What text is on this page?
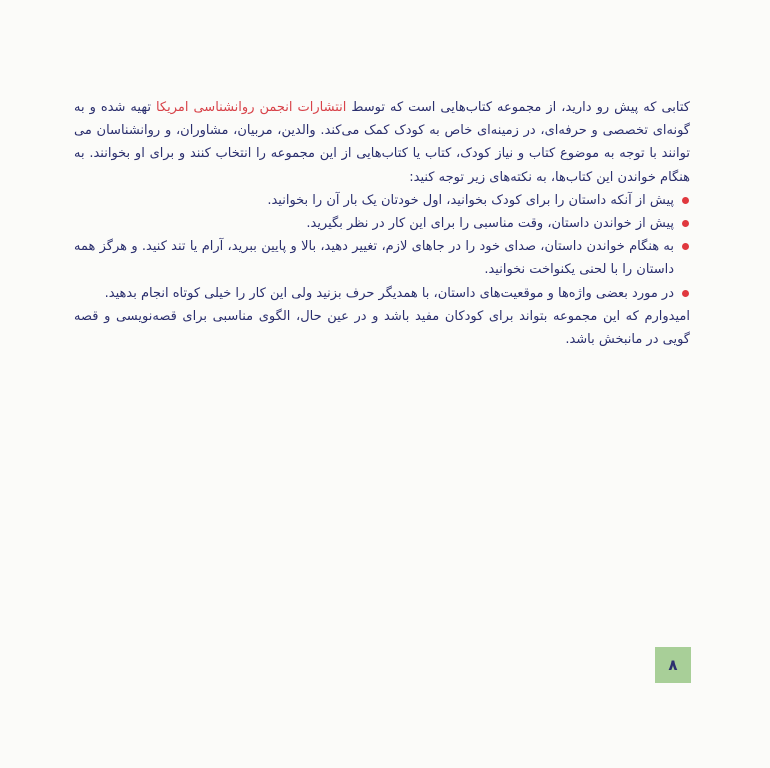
کتابی که پیش رو دارید، از مجموعه کتاب‌هایی است که توسط انتشارات انجمن روانشناسی امریکا تهیه شده و به گونه‌ای تخصصی و حرفه‌ای، در زمینه‌ای خاص به کودک کمک می‌کند. والدین، مربیان، مشاوران، و روانشناسان می توانند با توجه به موضوع کتاب و نیاز کودک، کتاب یا کتاب‌هایی از این مجموعه را انتخاب کنند و برای او بخوانند. به هنگام خواندن این کتاب‌ها، به نکته‌های زیر توجه کنید:

پیش از آنکه داستان را برای کودک بخوانید، اول خودتان یک بار آن را بخوانید.
پیش از خواندن داستان، وقت مناسبی را برای این کار در نظر بگیرید.
به هنگام خواندن داستان، صدای خود را در جاهای لازم، تغییر دهید، بالا و پایین ببرید، آرام یا تند کنید. و هرگز همه داستان را با لحنی یکنواخت نخوانید.
در مورد بعضی واژه‌ها و موقعیت‌های داستان، با همدیگر حرف بزنید ولی این کار را خیلی کوتاه انجام بدهید.

امیدوارم که این مجموعه بتواند برای کودکان مفید باشد و در عین حال، الگوی مناسبی برای قصه‌نویسی و قصه گویی در مانبخش باشد.

۸
